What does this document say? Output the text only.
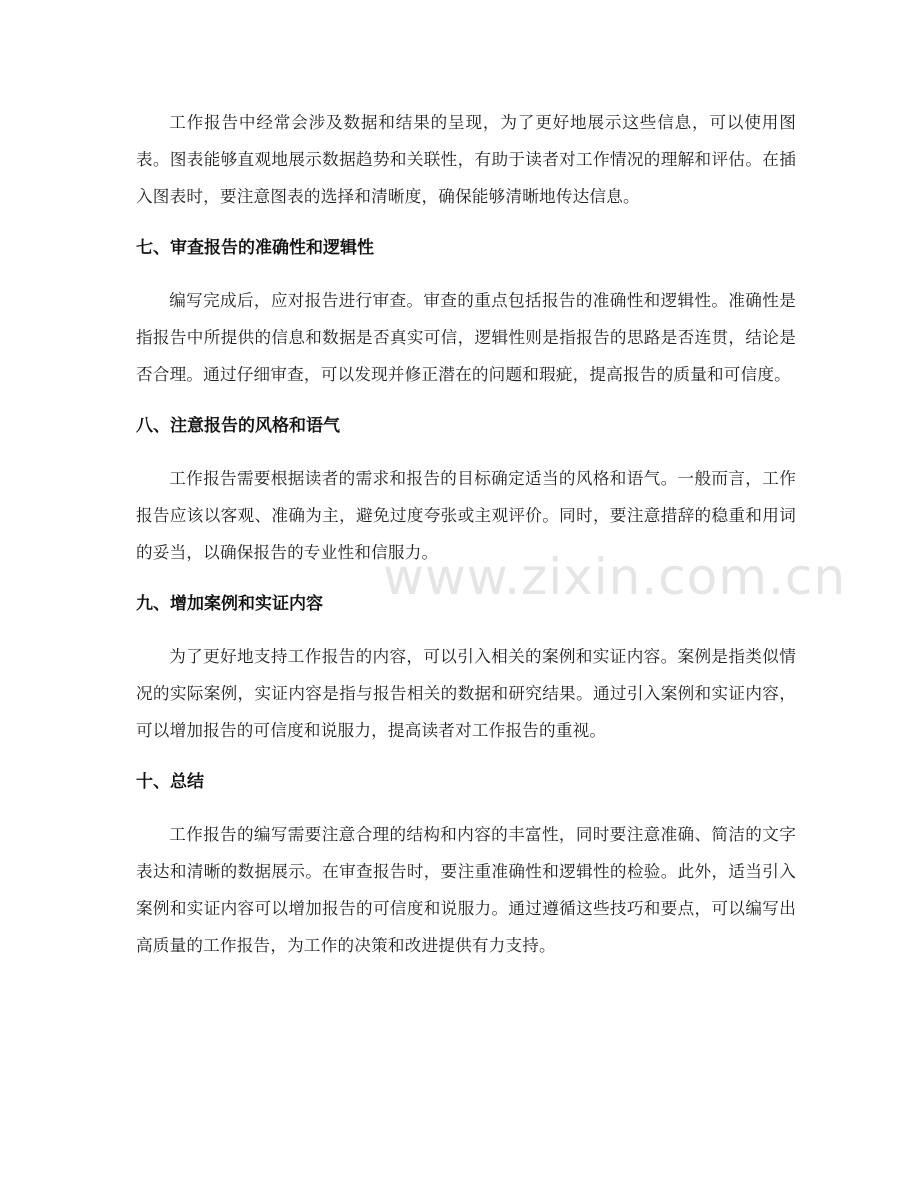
工作报告中经常会涉及数据和结果的呈现，为了更好地展示这些信息，可以使用图表。图表能够直观地展示数据趋势和关联性，有助于读者对工作情况的理解和评估。在插入图表时，要注意图表的选择和清晰度，确保能够清晰地传达信息。

七、审查报告的准确性和逻辑性

编写完成后，应对报告进行审查。审查的重点包括报告的准确性和逻辑性。准确性是指报告中所提供的信息和数据是否真实可信，逻辑性则是指报告的思路是否连贯，结论是否合理。通过仔细审查，可以发现并修正潜在的问题和瑕疵，提高报告的质量和可信度。

八、注意报告的风格和语气

工作报告需要根据读者的需求和报告的目标确定适当的风格和语气。一般而言，工作报告应该以客观、准确为主，避免过度夸张或主观评价。同时，要注意措辞的稳重和用词的妥当，以确保报告的专业性和信服力。

九、增加案例和实证内容

为了更好地支持工作报告的内容，可以引入相关的案例和实证内容。案例是指类似情况的实际案例，实证内容是指与报告相关的数据和研究结果。通过引入案例和实证内容，可以增加报告的可信度和说服力，提高读者对工作报告的重视。

十、总结

工作报告的编写需要注意合理的结构和内容的丰富性，同时要注意准确、简洁的文字表达和清晰的数据展示。在审查报告时，要注重准确性和逻辑性的检验。此外，适当引入案例和实证内容可以增加报告的可信度和说服力。通过遵循这些技巧和要点，可以编写出高质量的工作报告，为工作的决策和改进提供有力支持。

www.zixin.com.cn
